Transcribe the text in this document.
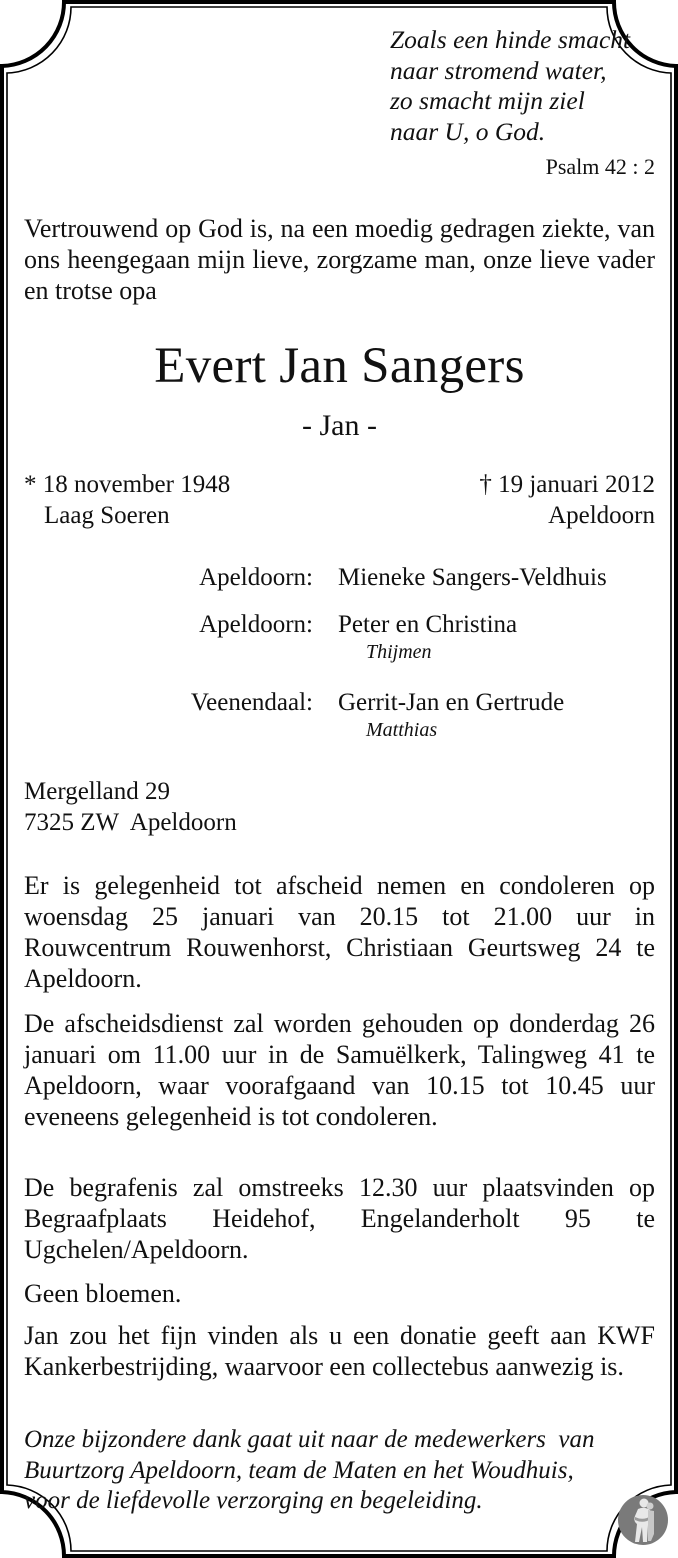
Zoals een hinde smacht
naar stromend water,
zo smacht mijn ziel
naar U, o God.
Psalm 42 : 2
Vertrouwend op God is, na een moedig gedragen ziekte, van ons heengegaan mijn lieve, zorgzame man, onze lieve vader en trotse opa
Evert Jan Sangers
- Jan -
* 18 november 1948
Laag Soeren
† 19 januari 2012
Apeldoorn
Apeldoorn: Mieneke Sangers-Veldhuis
Apeldoorn: Peter en Christina
Thijmen
Veenendaal: Gerrit-Jan en Gertrude
Matthias
Mergelland 29
7325 ZW  Apeldoorn
Er is gelegenheid tot afscheid nemen en condoleren op woensdag 25 januari van 20.15 tot 21.00 uur in Rouwcentrum Rouwenhorst, Christiaan Geurtsweg 24 te Apeldoorn.
De afscheidsdienst zal worden gehouden op donderdag 26 januari om 11.00 uur in de Samuëlkerk, Talingweg 41 te Apeldoorn, waar voorafgaand van 10.15 tot 10.45 uur eveneens gelegenheid is tot condoleren.
De begrafenis zal omstreeks 12.30 uur plaatsvinden op Begraafplaats Heidehof, Engelanderholt 95 te Ugchelen/Apeldoorn.
Geen bloemen.
Jan zou het fijn vinden als u een donatie geeft aan KWF Kankerbestrijding, waarvoor een collectebus aanwezig is.
Onze bijzondere dank gaat uit naar de medewerkers  van
Buurtzorg Apeldoorn, team de Maten en het Woudhuis,
voor de liefdevolle verzorging en begeleiding.
